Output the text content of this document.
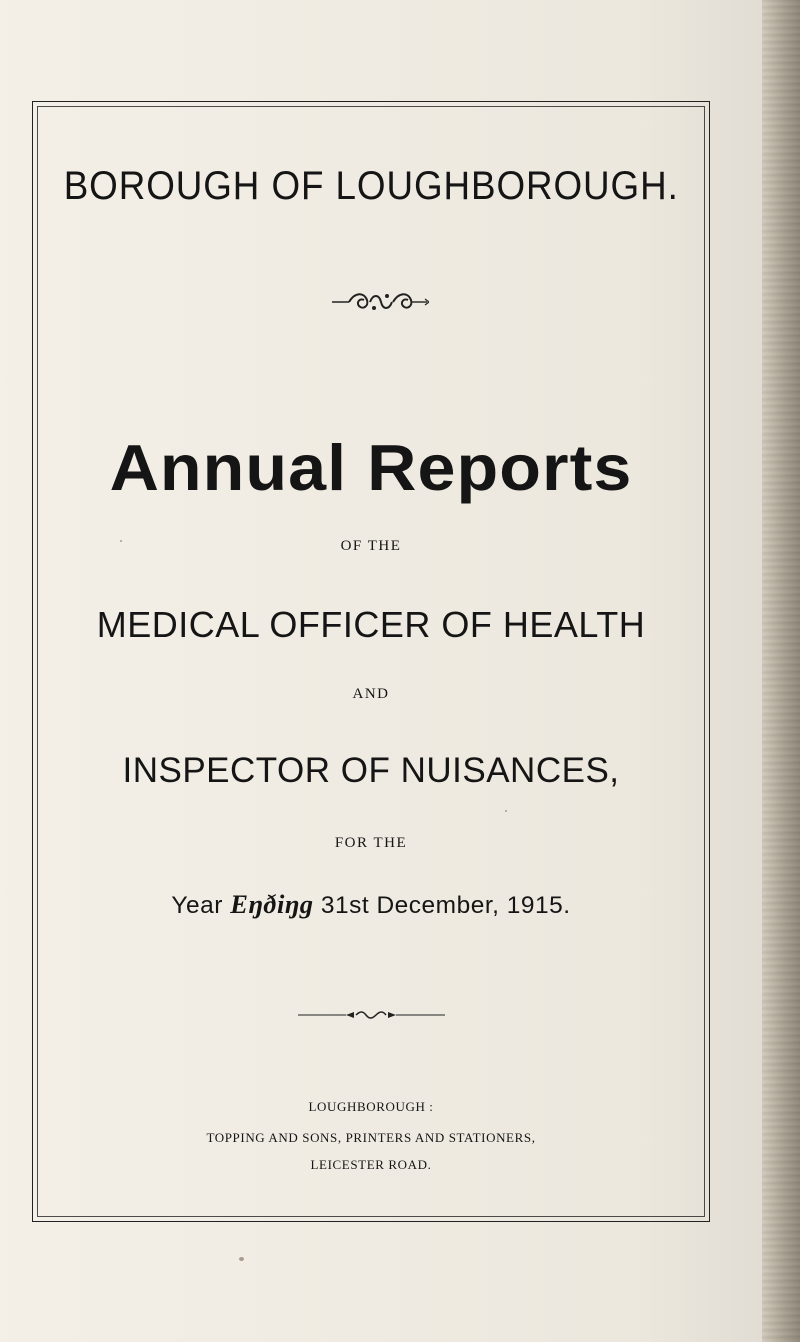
BOROUGH OF LOUGHBOROUGH.
Annual Reports
OF THE
MEDICAL OFFICER OF HEALTH
AND
INSPECTOR OF NUISANCES,
FOR THE
Year Eŋðiŋg 31st December, 1915.
LOUGHBOROUGH :
TOPPING AND SONS, PRINTERS AND STATIONERS,
LEICESTER ROAD.
